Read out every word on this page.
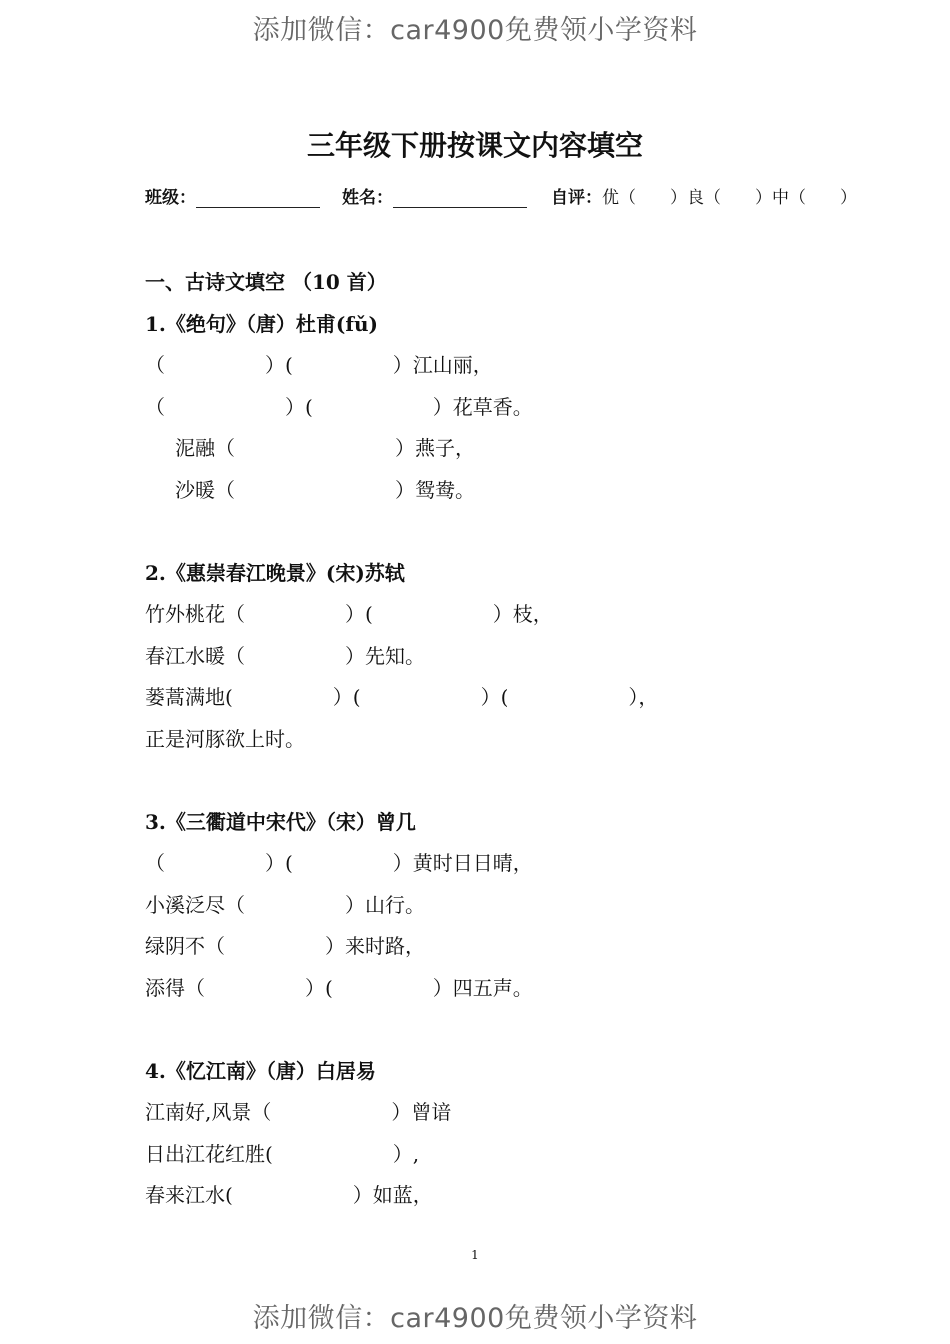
添加微信：car4900免费领小学资料
三年级下册按课文内容填空
班级：	姓名：	自评：优（　　）良（　　）中（　　）
一、古诗文填空 （10 首）
1.《绝句》（唐）杜甫(fǔ)
（　　　　　）(　　　　　）江山丽，
（　　　　　　）(　　　　　　）花草香。
　泥融（　　　　　　　　）燕子，
　沙暖（　　　　　　　　）鸳鸯。
2.《惠崇春江晚景》(宋)苏轼
竹外桃花（　　　　　）(　　　　　　）枝，
春江水暖（　　　　　）先知。
蒌蒿满地(　　　　　）(　　　　　　）(　　　　　　），
正是河豚欲上时。
3.《三衢道中宋代》（宋）曾几
（　　　　　）(　　　　　）黄时日日晴，
小溪泛尽（　　　　　）山行。
绿阴不（　　　　　）来时路，
添得（　　　　　）(　　　　　）四五声。
4.《忆江南》（唐）白居易
江南好,风景（　　　　　　）曾谙
日出江花红胜(　　　　　　）,
春来江水(　　　　　　）如蓝，
1
添加微信：car4900免费领小学资料
